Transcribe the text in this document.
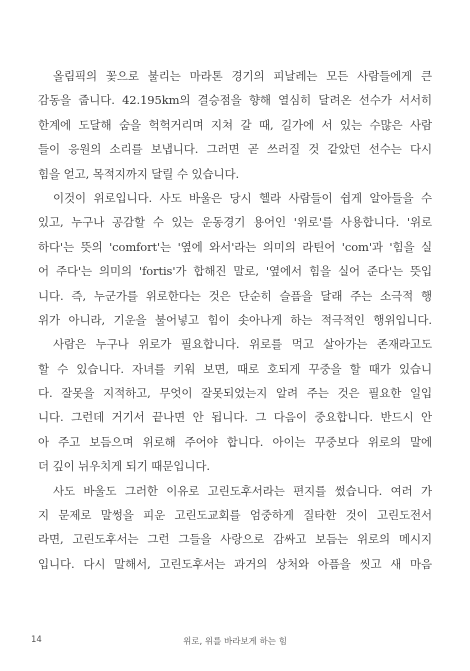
올림픽의 꽃으로 불리는 마라톤 경기의 피날레는 모든 사람들에게 큰
감동을 줍니다. 42.195km의 결승점을 향해 열심히 달려온 선수가 서서히
한계에 도달해 숨을 헉헉거리며 지쳐 갈 때, 길가에 서 있는 수많은 사람
들이 응원의 소리를 보냅니다. 그러면 곧 쓰러질 것 같았던 선수는 다시
힘을 얻고, 목적지까지 달릴 수 있습니다.

이것이 위로입니다. 사도 바울은 당시 헬라 사람들이 쉽게 알아들을 수
있고, 누구나 공감할 수 있는 운동경기 용어인 '위로'를 사용합니다. '위로
하다'는 뜻의 'comfort'는 '옆에 와서'라는 의미의 라틴어 'com'과 '힘을 실
어 주다'는 의미의 'fortis'가 합해진 말로, '옆에서 힘을 실어 준다'는 뜻입
니다. 즉, 누군가를 위로한다는 것은 단순히 슬픔을 달래 주는 소극적 행
위가 아니라, 기운을 불어넣고 힘이 솟아나게 하는 적극적인 행위입니다.

사람은 누구나 위로가 필요합니다. 위로를 먹고 살아가는 존재라고도
할 수 있습니다. 자녀를 키워 보면, 때로 호되게 꾸중을 할 때가 있습니
다. 잘못을 지적하고, 무엇이 잘못되었는지 알려 주는 것은 필요한 일입
니다. 그런데 거기서 끝나면 안 됩니다. 그 다음이 중요합니다. 반드시 안
아 주고 보듬으며 위로해 주어야 합니다. 아이는 꾸중보다 위로의 말에
더 깊이 뉘우치게 되기 때문입니다.

사도 바울도 그러한 이유로 고린도후서라는 편지를 썼습니다. 여러 가
지 문제로 말썽을 피운 고린도교회를 엄중하게 질타한 것이 고린도전서
라면, 고린도후서는 그런 그들을 사랑으로 감싸고 보듬는 위로의 메시지
입니다. 다시 말해서, 고린도후서는 과거의 상처와 아픔을 씻고 새 마음

14	위로, 위를 바라보게 하는 힘
